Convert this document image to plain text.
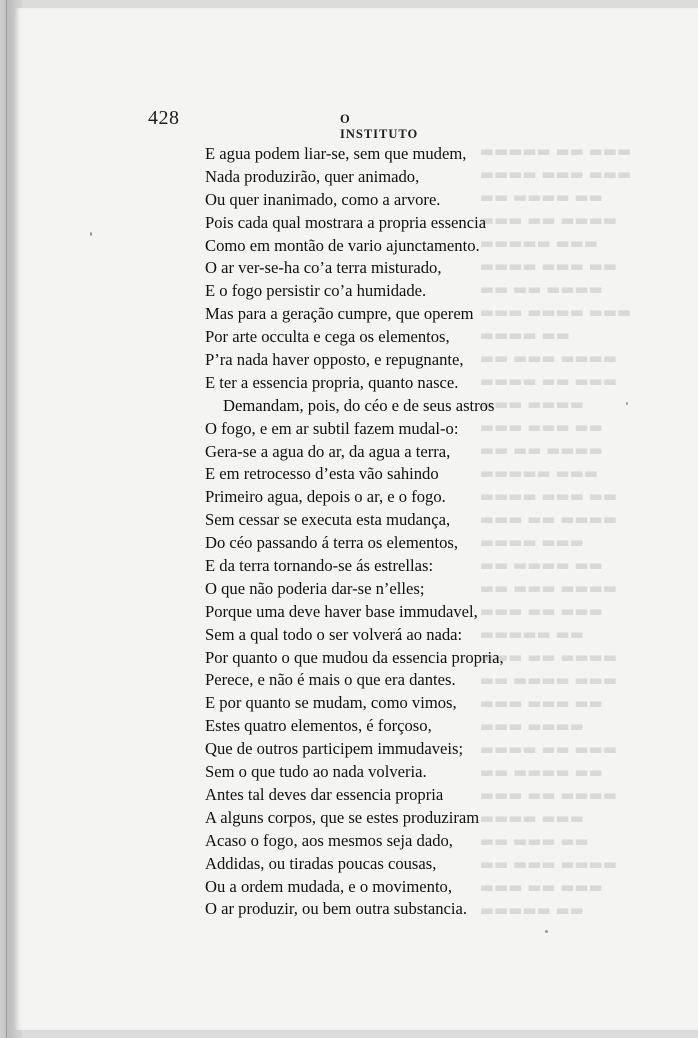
▬▬▬ ▬▬ ▬▬▬▬▬
▬▬▬ ▬▬▬ ▬▬▬▬
▬▬ ▬▬▬▬ ▬▬
▬▬▬▬ ▬▬ ▬▬▬
▬▬▬ ▬▬▬▬▬
▬▬ ▬▬▬ ▬▬▬▬
▬▬▬▬ ▬▬ ▬▬
▬▬▬ ▬▬▬▬ ▬▬▬
▬▬ ▬▬▬▬
▬▬▬▬ ▬▬▬ ▬▬
▬▬▬ ▬▬ ▬▬▬▬
▬▬▬▬ ▬▬▬
▬▬ ▬▬▬ ▬▬▬
▬▬▬▬ ▬▬ ▬▬
▬▬▬ ▬▬▬▬▬
▬▬ ▬▬▬ ▬▬▬▬
▬▬▬▬ ▬▬ ▬▬▬
▬▬▬ ▬▬▬▬
▬▬ ▬▬▬▬ ▬▬
▬▬▬▬ ▬▬▬ ▬▬
▬▬▬ ▬▬ ▬▬▬
▬▬ ▬▬▬▬▬
▬▬▬▬ ▬▬ ▬▬▬
▬▬▬ ▬▬▬▬ ▬▬
▬▬ ▬▬▬ ▬▬▬
▬▬▬▬ ▬▬▬
▬▬▬ ▬▬ ▬▬▬▬
▬▬ ▬▬▬▬ ▬▬
▬▬▬▬ ▬▬ ▬▬▬
▬▬▬ ▬▬▬▬
▬▬ ▬▬▬ ▬▬
▬▬▬▬ ▬▬▬ ▬▬
▬▬▬ ▬▬ ▬▬▬
▬▬ ▬▬▬▬▬
428	O INSTITUTO
E agua podem liar-se, sem que mudem,
Nada produzirão, quer animado,
Ou quer inanimado, como a arvore.
Pois cada qual mostrara a propria essencia
Como em montão de vario ajunctamento.
O ar ver-se-ha co’a terra misturado,
E o fogo persistir co’a humidade.
Mas para a geração cumpre, que operem
Por arte occulta e cega os elementos,
P’ra nada haver opposto, e repugnante,
E ter a essencia propria, quanto nasce.
Demandam, pois, do céo e de seus astros
O fogo, e em ar subtil fazem mudal-o:
Gera-se a agua do ar, da agua a terra,
E em retrocesso d’esta vão sahindo
Primeiro agua, depois o ar, e o fogo.
Sem cessar se executa esta mudança,
Do céo passando á terra os elementos,
E da terra tornando-se ás estrellas:
O que não poderia dar-se n’elles;
Porque uma deve haver base immudavel,
Sem a qual todo o ser volverá ao nada:
Por quanto o que mudou da essencia propria,
Perece, e não é mais o que era dantes.
E por quanto se mudam, como vimos,
Estes quatro elementos, é forçoso,
Que de outros participem immudaveis;
Sem o que tudo ao nada volveria.
Antes tal deves dar essencia propria
A alguns corpos, que se estes produziram
Acaso o fogo, aos mesmos seja dado,
Addidas, ou tiradas poucas cousas,
Ou a ordem mudada, e o movimento,
O ar produzir, ou bem outra substancia.
